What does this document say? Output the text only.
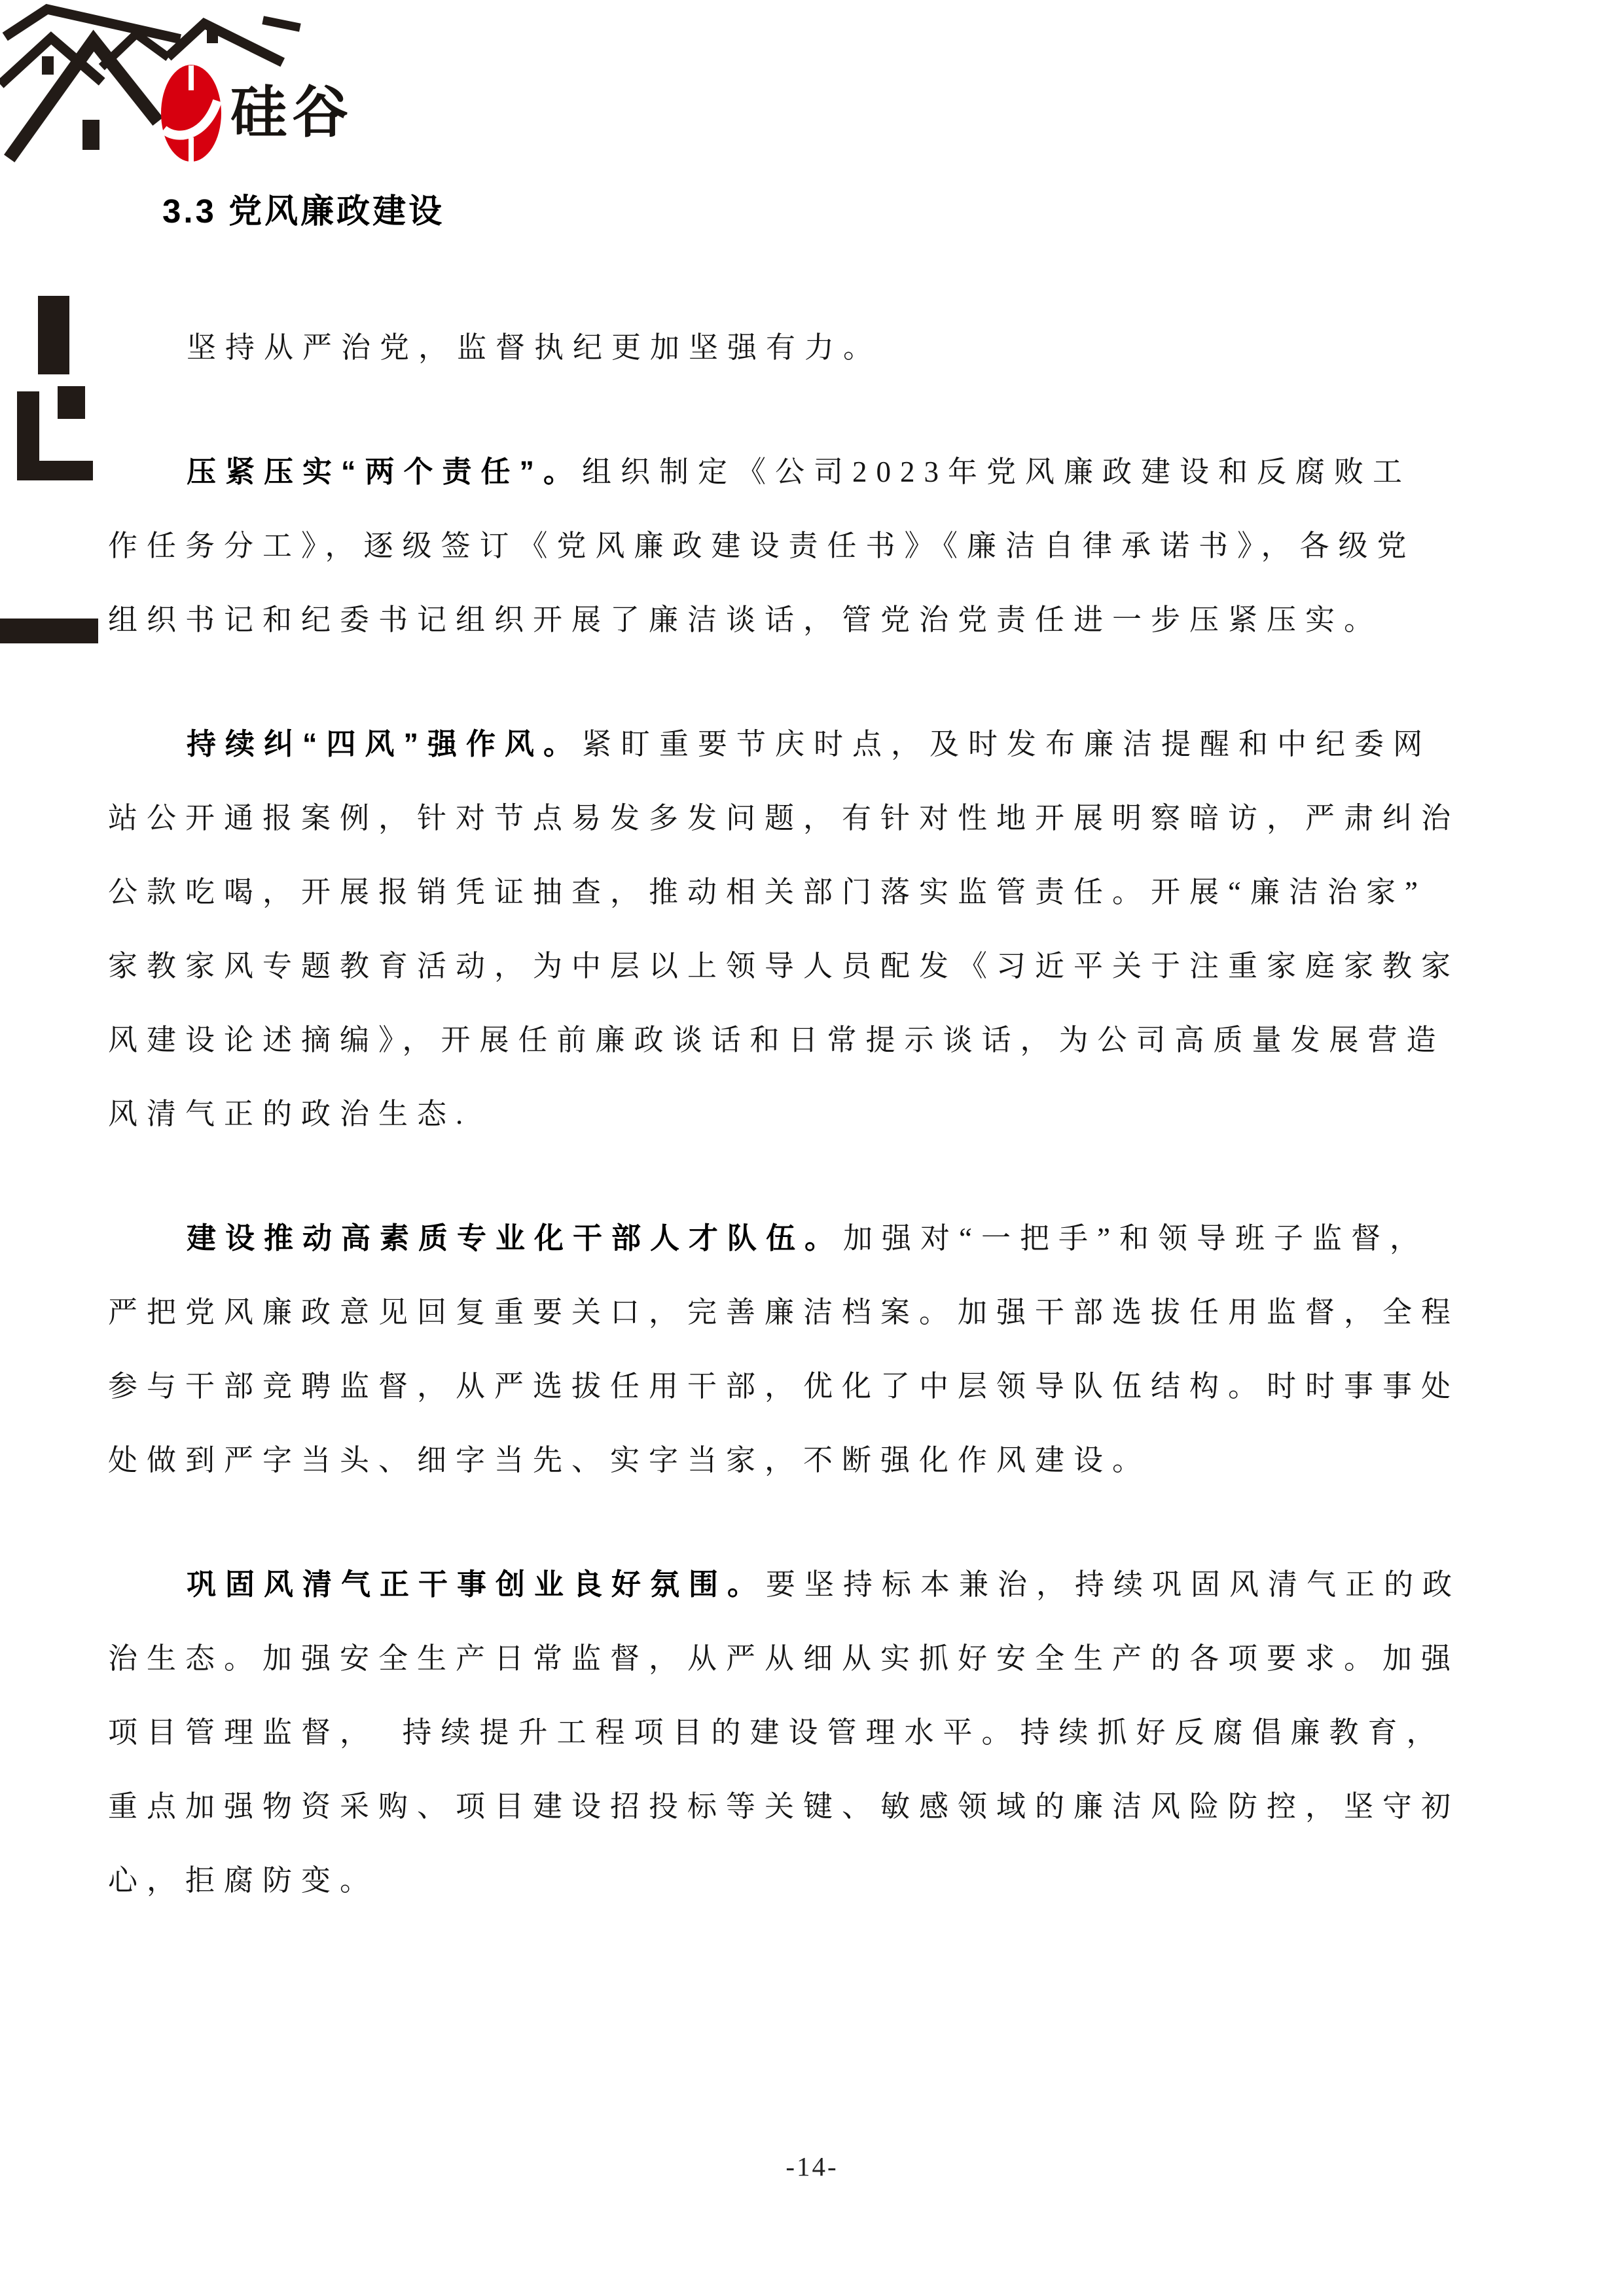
硅谷
3.3 党风廉政建设
坚持从严治党，监督执纪更加坚强有力。
压紧压实“两个责任”。组织制定《公司2023年党风廉政建设和反腐败工
作任务分工》，逐级签订《党风廉政建设责任书》《廉洁自律承诺书》，各级党
组织书记和纪委书记组织开展了廉洁谈话，管党治党责任进一步压紧压实。
持续纠“四风”强作风。紧盯重要节庆时点，及时发布廉洁提醒和中纪委网
站公开通报案例，针对节点易发多发问题，有针对性地开展明察暗访，严肃纠治
公款吃喝，开展报销凭证抽查，推动相关部门落实监管责任。开展“廉洁治家”
家教家风专题教育活动，为中层以上领导人员配发《习近平关于注重家庭家教家
风建设论述摘编》，开展任前廉政谈话和日常提示谈话，为公司高质量发展营造
风清气正的政治生态.
建设推动高素质专业化干部人才队伍。加强对“一把手”和领导班子监督，
严把党风廉政意见回复重要关口，完善廉洁档案。加强干部选拔任用监督，全程
参与干部竞聘监督，从严选拔任用干部，优化了中层领导队伍结构。时时事事处
处做到严字当头、细字当先、实字当家，不断强化作风建设。
巩固风清气正干事创业良好氛围。要坚持标本兼治，持续巩固风清气正的政
治生态。加强安全生产日常监督，从严从细从实抓好安全生产的各项要求。加强
项目管理监督，　持续提升工程项目的建设管理水平。持续抓好反腐倡廉教育，
重点加强物资采购、项目建设招投标等关键、敏感领域的廉洁风险防控，坚守初
心，拒腐防变。
-14-
